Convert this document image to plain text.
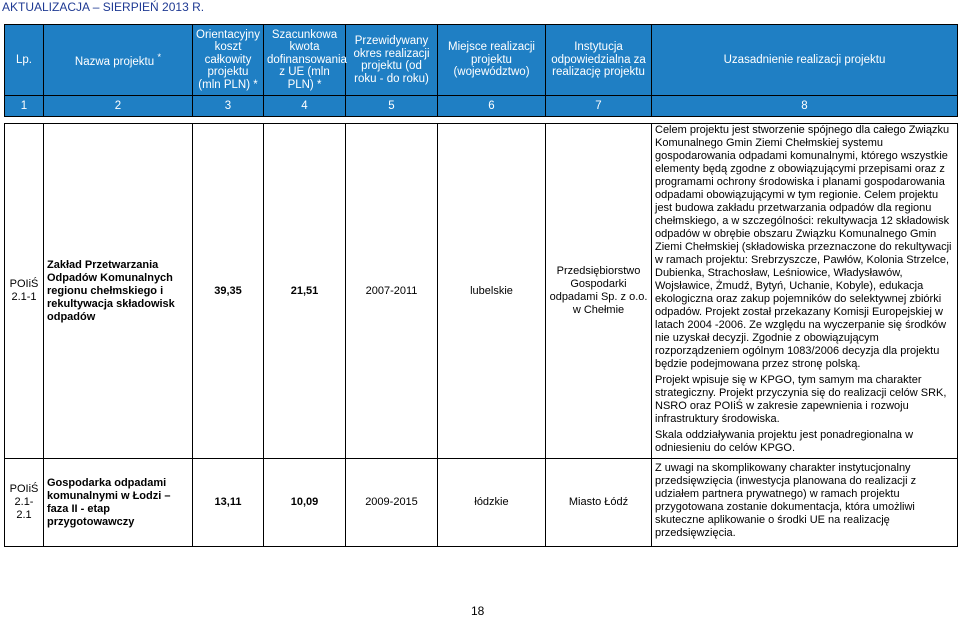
AKTUALIZACJA – SIERPIEŃ 2013 R.
Lp.	Nazwa projektu *	Orientacyjny koszt całkowity projektu (mln PLN) *	Szacunkowa kwota dofinansowania z UE (mln PLN) *	Przewidywany okres realizacji projektu (od roku - do roku)	Miejsce realizacji projektu (województwo)	Instytucja odpowiedzialna za realizację projektu	Uzasadnienie realizacji projektu
1	2	3	4	5	6	7	8

POIiŚ 2.1-1	Zakład Przetwarzania Odpadów Komunalnych regionu chełmskiego i rekultywacja składowisk odpadów	39,35	21,51	2007-2011	lubelskie	Przedsiębiorstwo Gospodarki odpadami Sp. z o.o. w Chełmie	Celem projektu jest stworzenie spójnego dla całego Związku Komunalnego Gmin Ziemi Chełmskiej systemu gospodarowania odpadami komunalnymi, którego wszystkie elementy będą zgodne z obowiązującymi przepisami oraz z programami ochrony środowiska i planami gospodarowania odpadami obowiązującymi w tym regionie. Celem projektu jest budowa zakładu przetwarzania odpadów dla regionu chełmskiego, a w szczególności: rekultywacja 12 składowisk odpadów w obrębie obszaru Związku Komunalnego Gmin Ziemi Chełmskiej (składowiska przeznaczone do rekultywacji w ramach projektu: Srebrzyszcze, Pawłów, Kolonia Strzelce, Dubienka, Strachosław, Leśniowice, Władysławów, Wojsławice, Żmudź, Bytyń, Uchanie, Kobyle), edukacja ekologiczna oraz zakup pojemników do selektywnej zbiórki odpadów. Projekt został przekazany Komisji Europejskiej w latach 2004 -2006. Ze względu na wyczerpanie się środków nie uzyskał decyzji. Zgodnie z obowiązującym rozporządzeniem ogólnym 1083/2006 decyzja dla projektu będzie podejmowana przez stronę polską.

Projekt wpisuje się w KPGO, tym samym ma charakter strategiczny. Projekt przyczynia się do realizacji celów SRK, NSRO oraz POIiŚ w zakresie zapewnienia i rozwoju infrastruktury środowiska.

Skala oddziaływania projektu jest ponadregionalna w odniesieniu do celów KPGO.

POIiŚ 2.1-2.1	Gospodarka odpadami komunalnymi w Łodzi – faza II - etap przygotowawczy	13,11	10,09	2009-2015	łódzkie	Miasto Łódź	Z uwagi na skomplikowany charakter instytucjonalny przedsięwzięcia (inwestycja planowana do realizacji z udziałem partnera prywatnego) w ramach projektu przygotowana zostanie dokumentacja, która umożliwi skuteczne aplikowanie o środki UE na realizację przedsięwzięcia.

18
